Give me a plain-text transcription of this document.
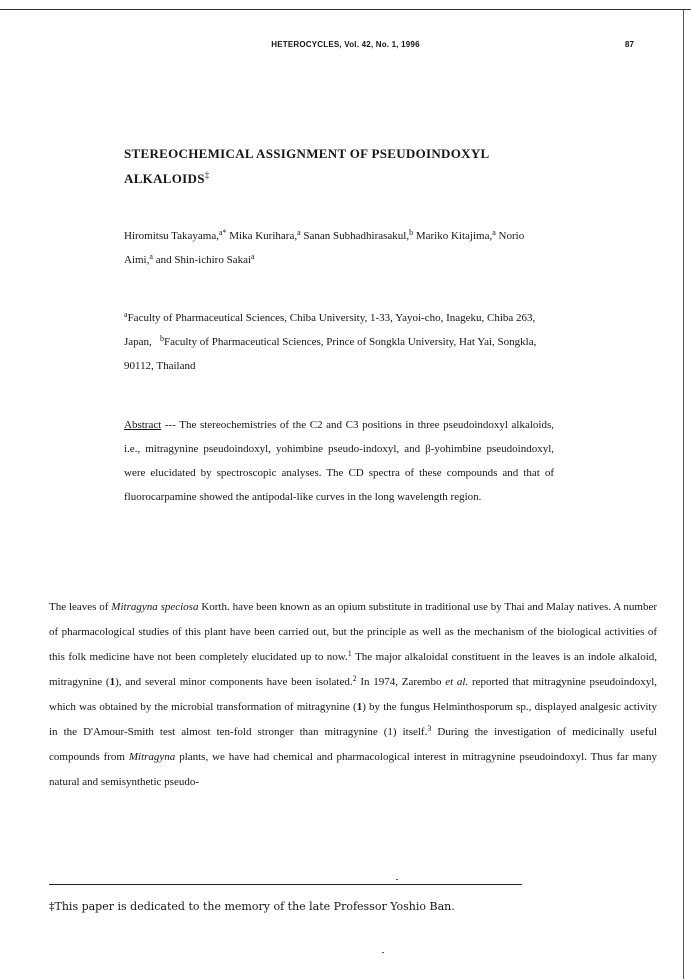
HETEROCYCLES, Vol. 42, No. 1, 1996	87
STEREOCHEMICAL ASSIGNMENT OF PSEUDOINDOXYL
ALKALOIDS‡
Hiromitsu Takayama,$^{a*}$ Mika Kurihara,$^a$ Sanan Subhadhirasakul,$^b$ Mariko Kitajima,$^a$ Norio Aimi,$^a$ and Shin-ichiro Sakai$^a$
$^a$Faculty of Pharmaceutical Sciences, Chiba University, 1-33, Yayoi-cho, Inageku, Chiba 263, Japan, $^b$Faculty of Pharmaceutical Sciences, Prince of Songkla University, Hat Yai, Songkla, 90112, Thailand
Abstract --- The stereochemistries of the C2 and C3 positions in three pseudoindoxyl alkaloids, i.e., mitragynine pseudoindoxyl, yohimbine pseudo-indoxyl, and β-yohimbine pseudoindoxyl, were elucidated by spectroscopic analyses. The CD spectra of these compounds and that of fluorocarpamine showed the antipodal-like curves in the long wavelength region.

The leaves of Mitragyna speciosa Korth. have been known as an opium substitute in traditional use by Thai and Malay natives. A number of pharmacological studies of this plant have been carried out, but the principle as well as the mechanism of the biological activities of this folk medicine have not been completely elucidated up to now.$^1$ The major alkaloidal constituent in the leaves is an indole alkaloid, mitragynine (1), and several minor components have been isolated.$^2$ In 1974, Zarembo et al. reported that mitragynine pseudoindoxyl, which was obtained by the microbial transformation of mitragynine (1) by the fungus Helminthosporum sp., displayed analgesic activity in the D'Amour-Smith test almost ten-fold stronger than mitragynine (1) itself.$^3$ During the investigation of medicinally useful compounds from Mitragyna plants, we have had chemical and pharmacological interest in mitragynine pseudoindoxyl. Thus far many natural and semisynthetic pseudo-

‡This paper is dedicated to the memory of the late Professor Yoshio Ban.
